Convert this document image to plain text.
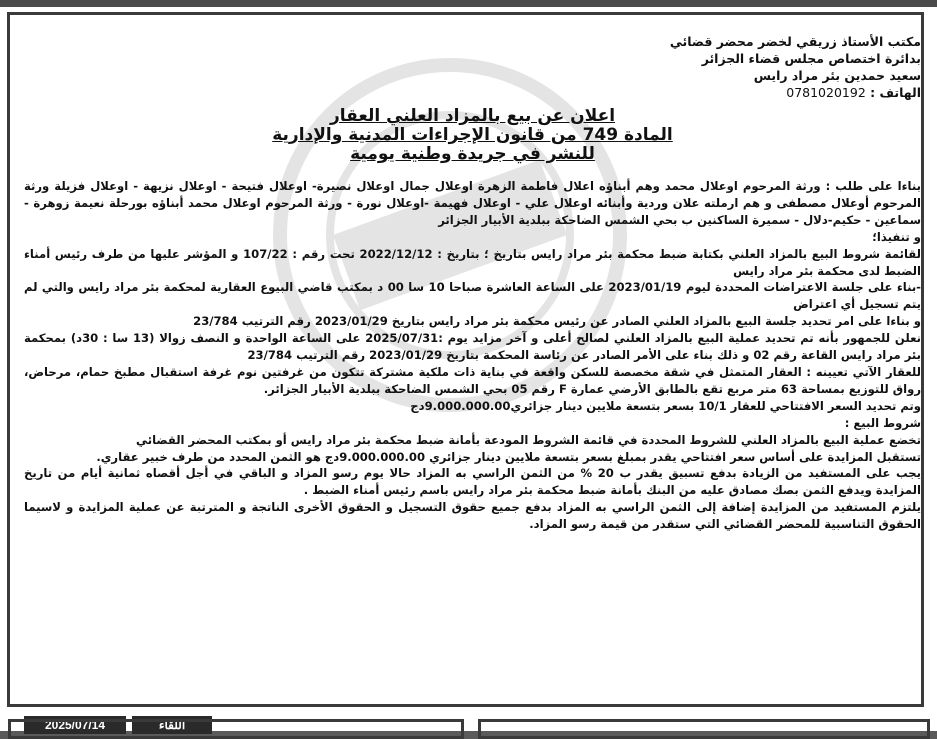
مكتب الأستاذ زريقي لخضر محضر قضائي
بدائرة اختصاص مجلس قضاء الجزائر
سعيد حمدين بئر مراد رايس
الهاتف : 0781020192
اعلان عن بيع بالمزاد العلني العقار
المادة 749 من قانون الإجراءات المدنية والإدارية
للنشر في جريدة وطنية يومية

بناءا على طلب : ورثة المرحوم اوعلال محمد وهم أبناؤه اعلال فاطمة الزهرة اوعلال جمال اوعلال نصيرة- اوعلال فتيحة - اوعلال نزيهة - اوعلال فزيلة ورثة المرحوم أوعلال مصطفى و هم ارملته علان وردية وأبنائه اوعلال علي - اوعلال فهيمة -اوعلال نورة - ورثة المرحوم اوعلال محمد أبناؤه بورحلة نعيمة زوهرة - سماعين - حكيم-دلال - سميرة الساكنين ب بحي الشمس الضاحكة ببلدية الأبيار الجزائر

و تنفيذا؛

لقائمة شروط البيع بالمزاد العلني بكتابة ضبط محكمة بئر مراد رايس بتاريخ ؛ بتاريخ : 2022/12/12 تحت رقم : 107/22 و المؤشر عليها من طرف رئيس أمناء الضبط لدى محكمة بئر مراد رايس

-بناء على جلسة الاعتراضات المحددة ليوم 2023/01/19 على الساعة العاشرة صباحا 10 سا 00 د بمكتب قاضي البيوع العقارية لمحكمة بئر مراد رايس والتي لم يتم تسجيل أي اعتراض

و بناءا على امر تحديد جلسة البيع بالمزاد العلني الصادر عن رئيس محكمة بئر مراد رايس بتاريخ 2023/01/29 رقم الترتيب 23/784

نعلن للجمهور بأنه تم تحديد عملية البيع بالمزاد العلني لصالح أعلى و آخر مزايد يوم :2025/07/31 على الساعة الواحدة و النصف زوالا (13 سا : 30د) بمحكمة بئر مراد رايس القاعة رقم 02 و ذلك بناء على الأمر الصادر عن رئاسة المحكمة بتاريخ 2023/01/29 رقم الترتيب 23/784

للعقار الآتي تعيينه : العقار المتمثل في شقة مخصصة للسكن واقعة في بناية ذات ملكية مشتركة تتكون من غرفتين نوم غرفة استقبال مطبخ حمام، مرحاض، رواق للتوزيع بمساحة 63 متر مربع تقع بالطابق الأرضي عمارة F رقم 05 بحي الشمس الضاحكة ببلدية الأبيار الجزائر.

وتم تحديد السعر الافتتاحي للعقار 10/1 بسعر بتسعة ملايين دينار جزائري9.000.000.00دج

شروط البيع :

تخضع عملية البيع بالمزاد العلني للشروط المحددة في قائمة الشروط المودعة بأمانة ضبط محكمة بئر مراد رايس أو بمكتب المحضر القضائي

تستقبل المزايدة على أساس سعر افتتاحي يقدر بمبلغ بسعر بتسعة ملايين دينار جزائري 9.000.000.00دج هو الثمن المحدد من طرف خبير عقاري.

يجب على المستفيد من الزيادة بدفع تسبيق يقدر ب 20 % من الثمن الراسي به المزاد حالا يوم رسو المزاد و الباقي في أجل أقصاه ثمانية أيام من تاريخ المزايدة ويدفع الثمن بصك مصادق عليه من البنك بأمانة ضبط محكمة بئر مراد رايس باسم رئيس أمناء الضبط .

يلتزم المستفيد من المزايدة إضافة إلى الثمن الراسي به المزاد بدفع جميع حقوق التسجيل و الحقوق الأخرى الناتجة و المترتبة عن عملية المزايدة و لاسيما الحقوق التناسبية للمحضر القضائي التي ستقدر من قيمة رسو المزاد.

2025/07/14	اللقاء
